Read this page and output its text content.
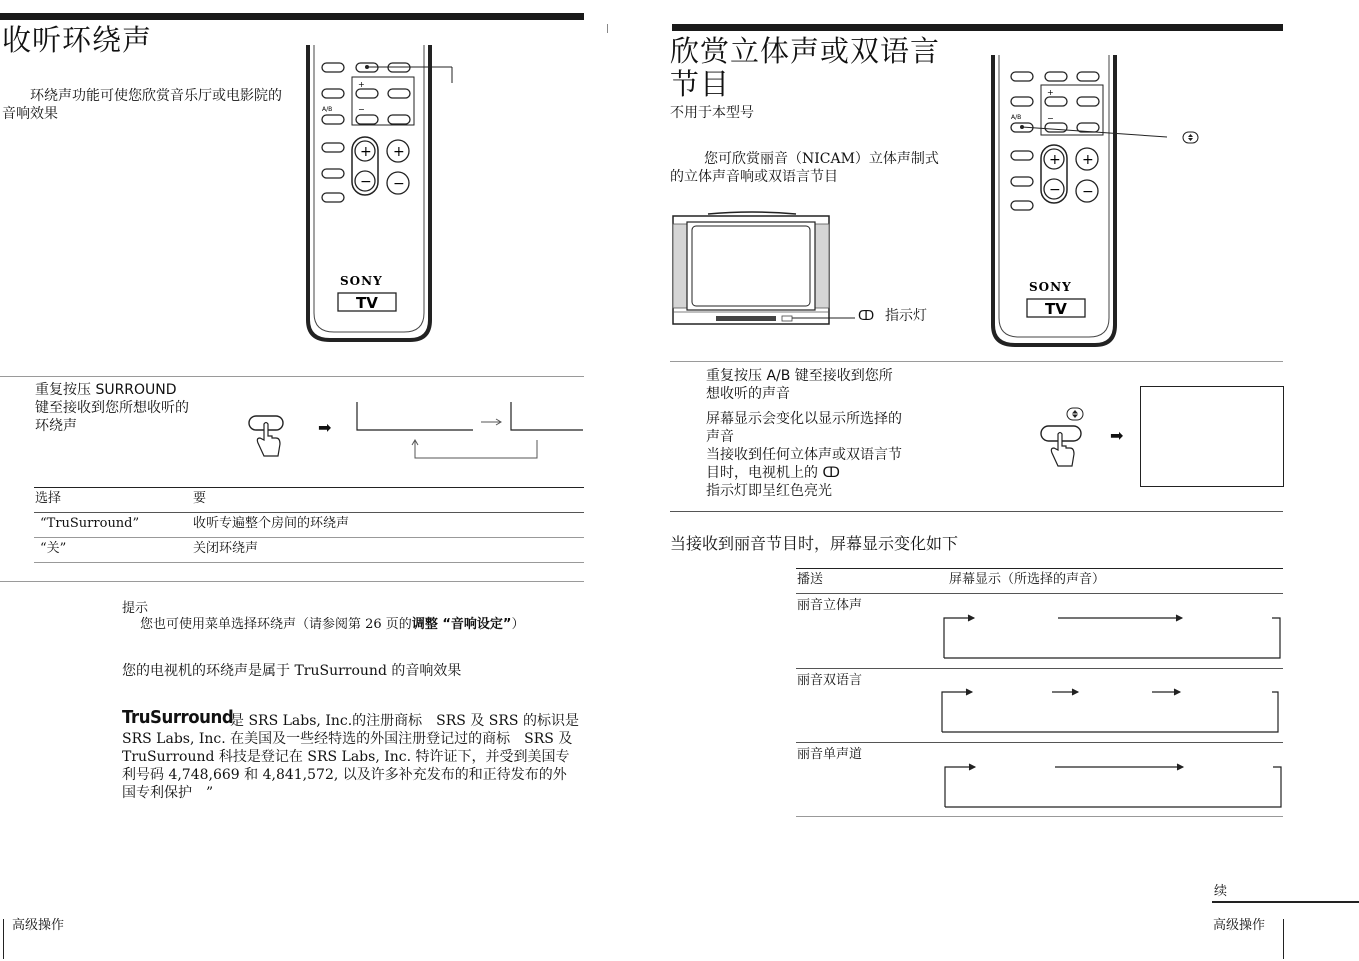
收听环绕声
环绕声功能可使您欣赏音乐厅或电影院的音响效果
+
A/B	−
+
−
+
−
SONY
TV
重复按压 SURROUND 键至接收到您所想收听的环绕声	➡
选择	要
“TruSurround”	收听专遍整个房间的环绕声
“关”	关闭环绕声
提示
您也可使用菜单选择环绕声（请参阅第 26 页的调整 “音响设定”）
您的电视机的环绕声是属于 TruSurround 的音响效果
TruSurround
是 SRS Labs, Inc.的注册商标　SRS 及 SRS 的标识是 SRS Labs, Inc. 在美国及一些经特选的外国注册登记过的商标　SRS 及 TruSurround 科技是登记在 SRS Labs, Inc. 特许证下，并受到美国专利号码 4,748,669 和 4,841,572, 以及许多补充发布的和正待发布的外国专利保护　”
高级操作
欣赏立体声或双语言
节目
不用于本型号
您可欣赏丽音（NICAM）立体声制式的立体声音响或双语言节目
ↀ 指示灯
+
A/B	−
+
−
+
−
SONY
TV
重复按压 A/B 键至接收到您所想收听的声音
屏幕显示会变化以显示所选择的声音
当接收到任何立体声或双语言节目时，电视机上的 ↀ
指示灯即呈红色亮光
➡
当接收到丽音节目时，屏幕显示变化如下
播送	屏幕显示（所选择的声音）
丽音立体声
丽音双语言
丽音单声道
续
高级操作
